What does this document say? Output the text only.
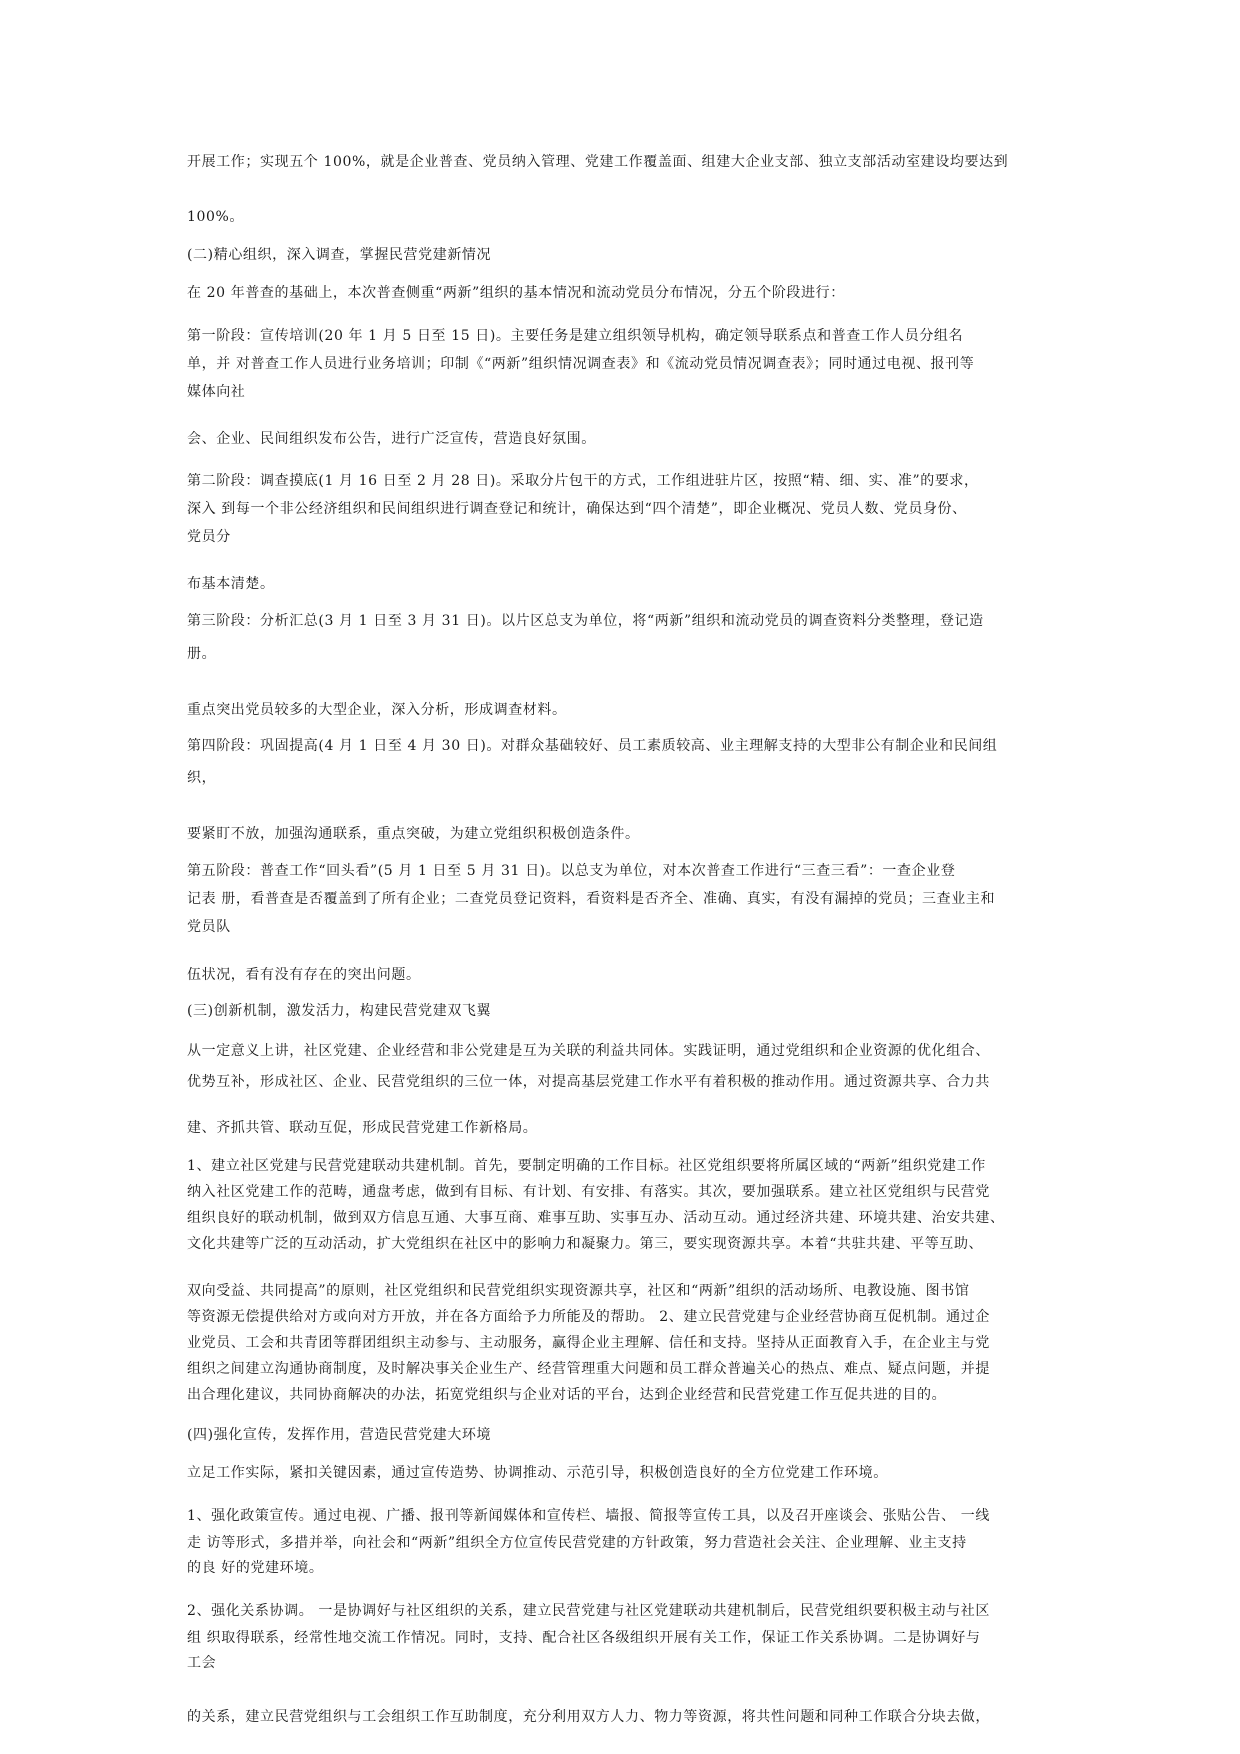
开展工作；实现五个 100%，就是企业普查、党员纳入管理、党建工作覆盖面、组建大企业支部、独立支部活动室建设均要达到
100%。
(二)精心组织，深入调查，掌握民营党建新情况
在 20 年普查的基础上，本次普查侧重“两新”组织的基本情况和流动党员分布情况，分五个阶段进行：
第一阶段：宣传培训(20 年 1 月 5 日至 15 日)。主要任务是建立组织领导机构，确定领导联系点和普查工作人员分组名
单，并 对普查工作人员进行业务培训；印制《“两新”组织情况调查表》和《流动党员情况调查表》；同时通过电视、报刊等
媒体向社
会、企业、民间组织发布公告，进行广泛宣传，营造良好氛围。
第二阶段：调查摸底(1 月 16 日至 2 月 28 日)。采取分片包干的方式，工作组进驻片区，按照“精、细、实、准”的要求，
深入 到每一个非公经济组织和民间组织进行调查登记和统计，确保达到“四个清楚”，即企业概况、党员人数、党员身份、
党员分
布基本清楚。
第三阶段：分析汇总(3 月 1 日至 3 月 31 日)。以片区总支为单位，将“两新”组织和流动党员的调查资料分类整理，登记造
册。
重点突出党员较多的大型企业，深入分析，形成调查材料。
第四阶段：巩固提高(4 月 1 日至 4 月 30 日)。对群众基础较好、员工素质较高、业主理解支持的大型非公有制企业和民间组
织，
要紧盯不放，加强沟通联系，重点突破，为建立党组织积极创造条件。
第五阶段：普查工作“回头看”(5 月 1 日至 5 月 31 日)。以总支为单位，对本次普查工作进行“三查三看”：一查企业登
记表 册，看普查是否覆盖到了所有企业；二查党员登记资料，看资料是否齐全、准确、真实，有没有漏掉的党员；三查业主和
党员队
伍状况，看有没有存在的突出问题。
(三)创新机制，激发活力，构建民营党建双飞翼
从一定意义上讲，社区党建、企业经营和非公党建是互为关联的利益共同体。实践证明，通过党组织和企业资源的优化组合、
优势互补，形成社区、企业、民营党组织的三位一体，对提高基层党建工作水平有着积极的推动作用。通过资源共享、合力共
建、齐抓共管、联动互促，形成民营党建工作新格局。
1、建立社区党建与民营党建联动共建机制。首先，要制定明确的工作目标。社区党组织要将所属区域的“两新”组织党建工作
纳入社区党建工作的范畴，通盘考虑，做到有目标、有计划、有安排、有落实。其次，要加强联系。建立社区党组织与民营党
组织良好的联动机制，做到双方信息互通、大事互商、难事互助、实事互办、活动互动。通过经济共建、环境共建、治安共建、
文化共建等广泛的互动活动，扩大党组织在社区中的影响力和凝聚力。第三，要实现资源共享。本着“共驻共建、平等互助、
双向受益、共同提高”的原则，社区党组织和民营党组织实现资源共享，社区和“两新”组织的活动场所、电教设施、图书馆
等资源无偿提供给对方或向对方开放，并在各方面给予力所能及的帮助。 2、建立民营党建与企业经营协商互促机制。通过企
业党员、工会和共青团等群团组织主动参与、主动服务，赢得企业主理解、信任和支持。坚持从正面教育入手，在企业主与党
组织之间建立沟通协商制度，及时解决事关企业生产、经营管理重大问题和员工群众普遍关心的热点、难点、疑点问题，并提
出合理化建议，共同协商解决的办法，拓宽党组织与企业对话的平台，达到企业经营和民营党建工作互促共进的目的。
(四)强化宣传，发挥作用，营造民营党建大环境
立足工作实际，紧扣关键因素，通过宣传造势、协调推动、示范引导，积极创造良好的全方位党建工作环境。
1、强化政策宣传。通过电视、广播、报刊等新闻媒体和宣传栏、墙报、简报等宣传工具，以及召开座谈会、张贴公告、 一线
走 访等形式，多措并举，向社会和“两新”组织全方位宣传民营党建的方针政策，努力营造社会关注、企业理解、业主支持
的良 好的党建环境。
2、强化关系协调。 一是协调好与社区组织的关系，建立民营党建与社区党建联动共建机制后，民营党组织要积极主动与社区
组 织取得联系，经常性地交流工作情况。同时，支持、配合社区各级组织开展有关工作，保证工作关系协调。二是协调好与
工会
的关系，建立民营党组织与工会组织工作互助制度，充分利用双方人力、物力等资源，将共性问题和同种工作联合分块去做，
